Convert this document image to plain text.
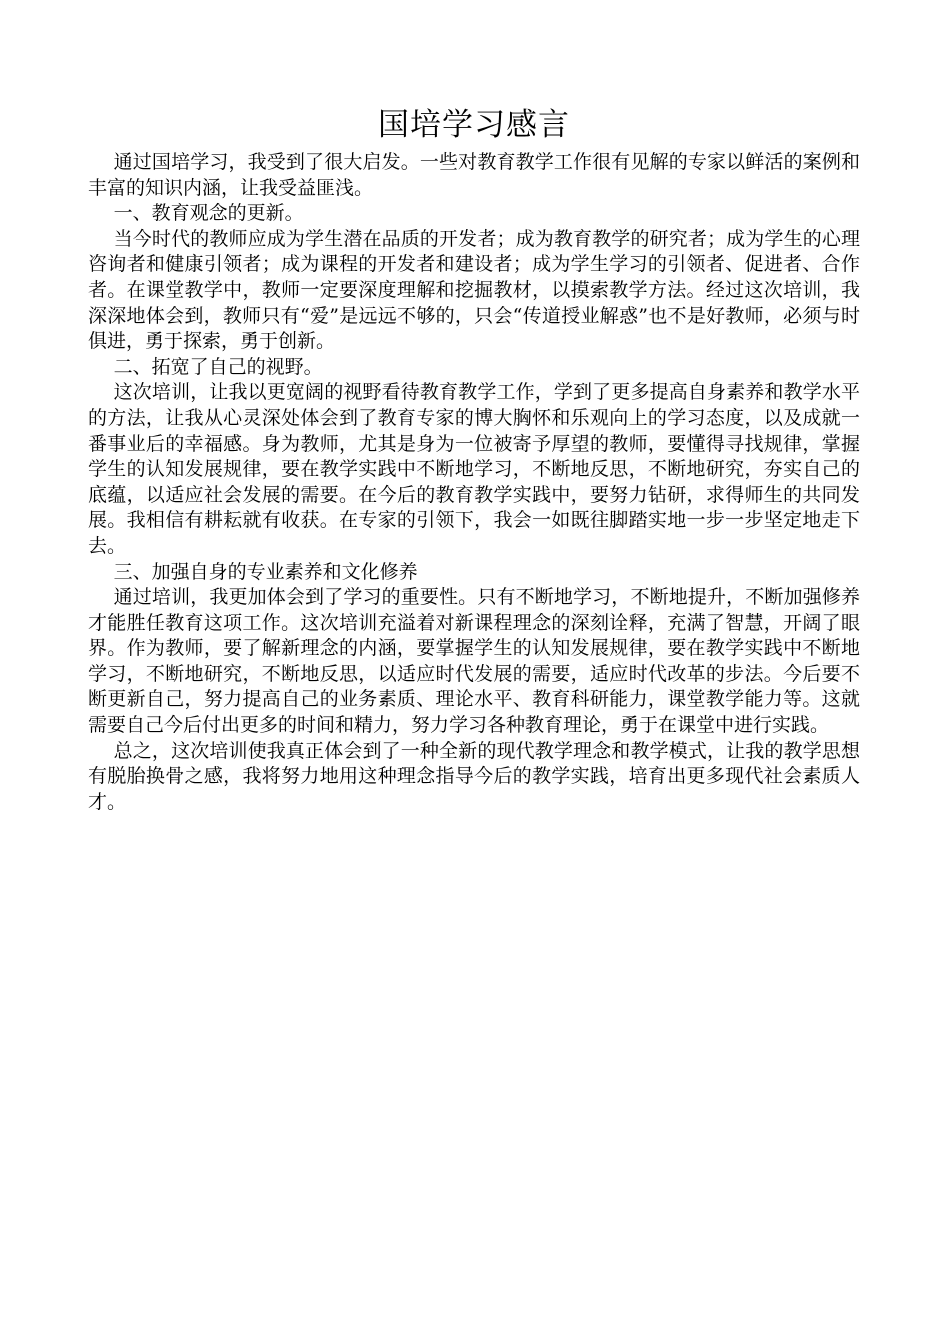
国培学习感言

通过国培学习，我受到了很大启发。一些对教育教学工作很有见解的专家以鲜活的案例和丰富的知识内涵，让我受益匪浅。

一、教育观念的更新。

当今时代的教师应成为学生潜在品质的开发者；成为教育教学的研究者；成为学生的心理咨询者和健康引领者；成为课程的开发者和建设者；成为学生学习的引领者、促进者、合作者。在课堂教学中，教师一定要深度理解和挖掘教材，以摸索教学方法。经过这次培训，我深深地体会到，教师只有“爱”是远远不够的，只会“传道授业解惑”也不是好教师，必须与时俱进，勇于探索，勇于创新。

二、拓宽了自己的视野。

这次培训，让我以更宽阔的视野看待教育教学工作，学到了更多提高自身素养和教学水平的方法，让我从心灵深处体会到了教育专家的博大胸怀和乐观向上的学习态度，以及成就一番事业后的幸福感。身为教师，尤其是身为一位被寄予厚望的教师，要懂得寻找规律，掌握学生的认知发展规律，要在教学实践中不断地学习，不断地反思，不断地研究，夯实自己的底蕴，以适应社会发展的需要。在今后的教育教学实践中，要努力钻研，求得师生的共同发展。我相信有耕耘就有收获。在专家的引领下，我会一如既往脚踏实地一步一步坚定地走下去。

三、加强自身的专业素养和文化修养

通过培训，我更加体会到了学习的重要性。只有不断地学习，不断地提升，不断加强修养才能胜任教育这项工作。这次培训充溢着对新课程理念的深刻诠释，充满了智慧，开阔了眼界。作为教师，要了解新理念的内涵，要掌握学生的认知发展规律，要在教学实践中不断地学习，不断地研究，不断地反思，以适应时代发展的需要，适应时代改革的步法。今后要不断更新自己，努力提高自己的业务素质、理论水平、教育科研能力，课堂教学能力等。这就需要自己今后付出更多的时间和精力，努力学习各种教育理论，勇于在课堂中进行实践。

总之，这次培训使我真正体会到了一种全新的现代教学理念和教学模式，让我的教学思想有脱胎换骨之感，我将努力地用这种理念指导今后的教学实践，培育出更多现代社会素质人才。
